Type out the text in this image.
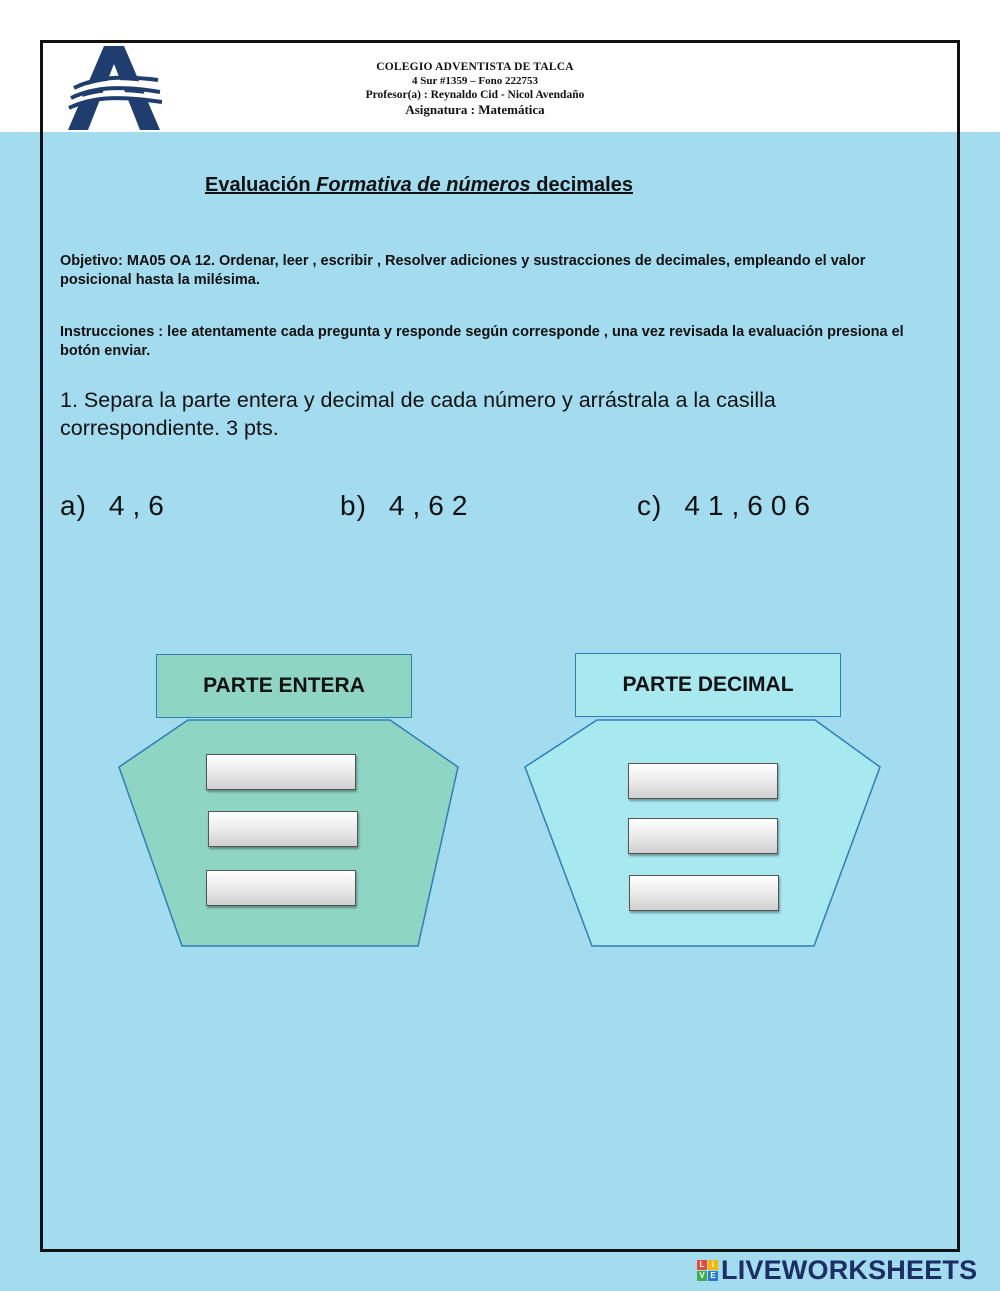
COLEGIO ADVENTISTA DE TALCA
4 Sur #1359 – Fono 222753
Profesor(a) : Reynaldo Cid - Nicol Avendaño
Asignatura : Matemática
Evaluación Formativa de números decimales
Objetivo: MA05 OA 12. Ordenar, leer , escribir , Resolver adiciones y sustracciones de decimales, empleando el valor posicional hasta la milésima.
Instrucciones : lee atentamente cada pregunta y responde según corresponde , una vez revisada la evaluación presiona el botón enviar.
1. Separa la parte entera y decimal de cada número y arrástrala a la casilla correspondiente. 3 pts.
a) 4,6	b) 4,62	c) 41,606
PARTE ENTERA	PARTE DECIMAL
L I
V E LIVEWORKSHEETS
